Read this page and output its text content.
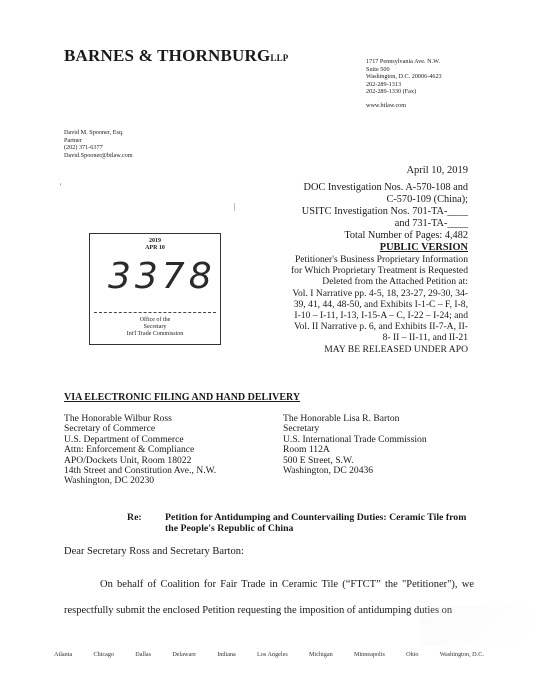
BARNES & THORNBURGLLP	1717 Pennsylvania Ave. N.W.
Suite 500
Washington, D.C. 20006-4623
202-289-1313
202-289-1330 (Fax)
www.btlaw.com
David M. Spooner, Esq.
Partner
(202) 371-6377
David.Spooner@btlaw.com
'
|
April 10, 2019
DOC Investigation Nos. A-570-108 and
C-570-109 (China);
USITC Investigation Nos. 701-TA-____
and 731-TA-____
Total Number of Pages: 4,482
PUBLIC VERSION
Petitioner's Business Proprietary Information
for Which Proprietary Treatment is Requested
Deleted from the Attached Petition at:
Vol. I Narrative pp. 4-5, 18, 23-27, 29-30, 34-
39, 41, 44, 48-50, and Exhibits I-1-C – F, I-8,
I-10 – I-11, I-13, I-15-A – C, I-22 – I-24; and
Vol. II Narrative p. 6, and Exhibits II-7-A, II-
8- II – II-11, and II-21
MAY BE RELEASED UNDER APO
2019
APR 10
3378
Office of the
Secretary
Int'l Trade Commission
VIA ELECTRONIC FILING AND HAND DELIVERY
The Honorable Wilbur Ross
Secretary of Commerce
U.S. Department of Commerce
Attn: Enforcement & Compliance
APO/Dockets Unit, Room 18022
14th Street and Constitution Ave., N.W.
Washington, DC 20230
The Honorable Lisa R. Barton
Secretary
U.S. International Trade Commission
Room 112A
500 E Street, S.W.
Washington, DC 20436
Re: Petition for Antidumping and Countervailing Duties: Ceramic Tile from the People's Republic of China
Dear Secretary Ross and Secretary Barton:
On behalf of Coalition for Fair Trade in Ceramic Tile (“FTCT” the "Petitioner"), we respectfully submit the enclosed Petition requesting the imposition of antidumping duties on
Atlanta	Chicago	Dallas	Delaware	Indiana	Los Angeles	Michigan	Minneapolis	Ohio	Washington, D.C.
